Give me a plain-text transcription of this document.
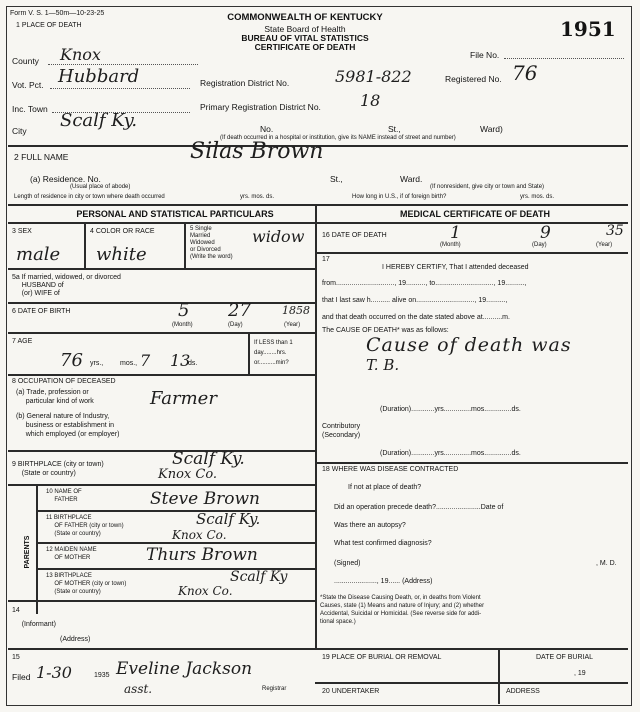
Form V. S. 1—50m—10-23-25
1 PLACE OF DEATH
COMMONWEALTH OF KENTUCKY
State Board of Health
BUREAU OF VITAL STATISTICS
CERTIFICATE OF DEATH
1951
County Knox	File No.
Vot. Pct. Hubbard	Registration District No.	5981-822	Registered No. 76
Inc. Town	Primary Registration District No. 18
City Scalf Ky.	No.	St.,	Ward)
(If death occurred in a hospital or institution, give its NAME instead of street and number)
2 FULL NAME	Silas Brown
(a) Residence. No.	St.,	Ward.
(If nonresident, give city or town and State)
(Usual place of abode)
Length of residence in city or town where death occurred	yrs. mos. ds.	How long in U.S., if of foreign birth?	yrs. mos. ds.
PERSONAL AND STATISTICAL PARTICULARS	MEDICAL CERTIFICATE OF DEATH
3 SEX
male
4 COLOR OR RACE
white
5 Single
Married
Widowed
or Divorced
(Write the word)
widow
5a If married, widowed, or divorced
HUSBAND of
(or) WIFE of
6 DATE OF BIRTH	5 27	1858
(Month)	(Day)	(Year)
7 AGE
76 yrs., 7
mos., 13
ds.
If LESS than 1
day........hrs.
or..........min?
8 OCCUPATION OF DECEASED
(a) Trade, profession or
particular kind of work	Farmer
(b) General nature of Industry,
business or establishment in
which employed (or employer)
9 BIRTHPLACE (city or town)
(State or country)
Scalf Ky.
Knox Co.
PARENTS
10 NAME OF
FATHER	Steve Brown
11 BIRTHPLACE
OF FATHER (city or town)
(State or country)
Scalf Ky.
Knox Co.
12 MAIDEN NAME
OF MOTHER	Thurs Brown
13 BIRTHPLACE
OF MOTHER (city or town)
(State or country)
Scalf Ky
Knox Co.
14
(Informant)
(Address)
15
Filed 1-30	1935 Eveline Jackson
asst.	Registrar
16 DATE OF DEATH	1	9	35
(Month)	(Day)	(Year)
17
I HEREBY CERTIFY, That I attended deceased
from.............................., 19.........., to.............................., 19..........,
that I last saw h.......... alive on.............................., 19..........,
and that death occurred on the date stated above at..........m.
The CAUSE OF DEATH* was as follows:
Cause of death was
T. B.
(Duration)............yrs..............mos..............ds.
Contributory
(Secondary)
(Duration)............yrs..............mos..............ds.
18 WHERE WAS DISEASE CONTRACTED
If not at place of death?
Did an operation precede death?.......................Date of
Was there an autopsy?
What test confirmed diagnosis?
(Signed)	, M. D.
......................, 19...... (Address)
*State the Disease Causing Death, or, in deaths from Violent
Causes, state (1) Means and nature of Injury; and (2) whether
Accidental, Suicidal or Homicidal. (See reverse side for addi-
tional space.)
19 PLACE OF BURIAL OR REMOVAL	DATE OF BURIAL
, 19
20 UNDERTAKER	ADDRESS
